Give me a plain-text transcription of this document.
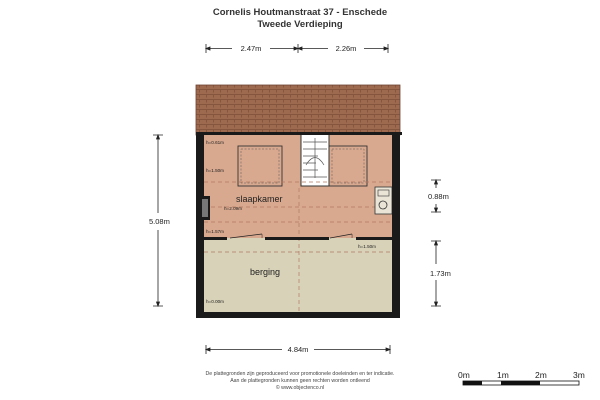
Cornelis Houtmanstraat 37 - Enschede
Tweede Verdieping
slaapkamer
berging
h=0.61m
h=1.50m
h=2.09m
h=1.57m
h=1.50m
h=0.00m
2.47m	2.26m
5.08m
0.88m
1.73m
4.84m
0m	1m	2m	3m
De plattegronden zijn geproduceerd voor promotionele doeleinden en ter indicatie.
Aan de plattegronden kunnen geen rechten worden ontleend
© www.objectenco.nl
